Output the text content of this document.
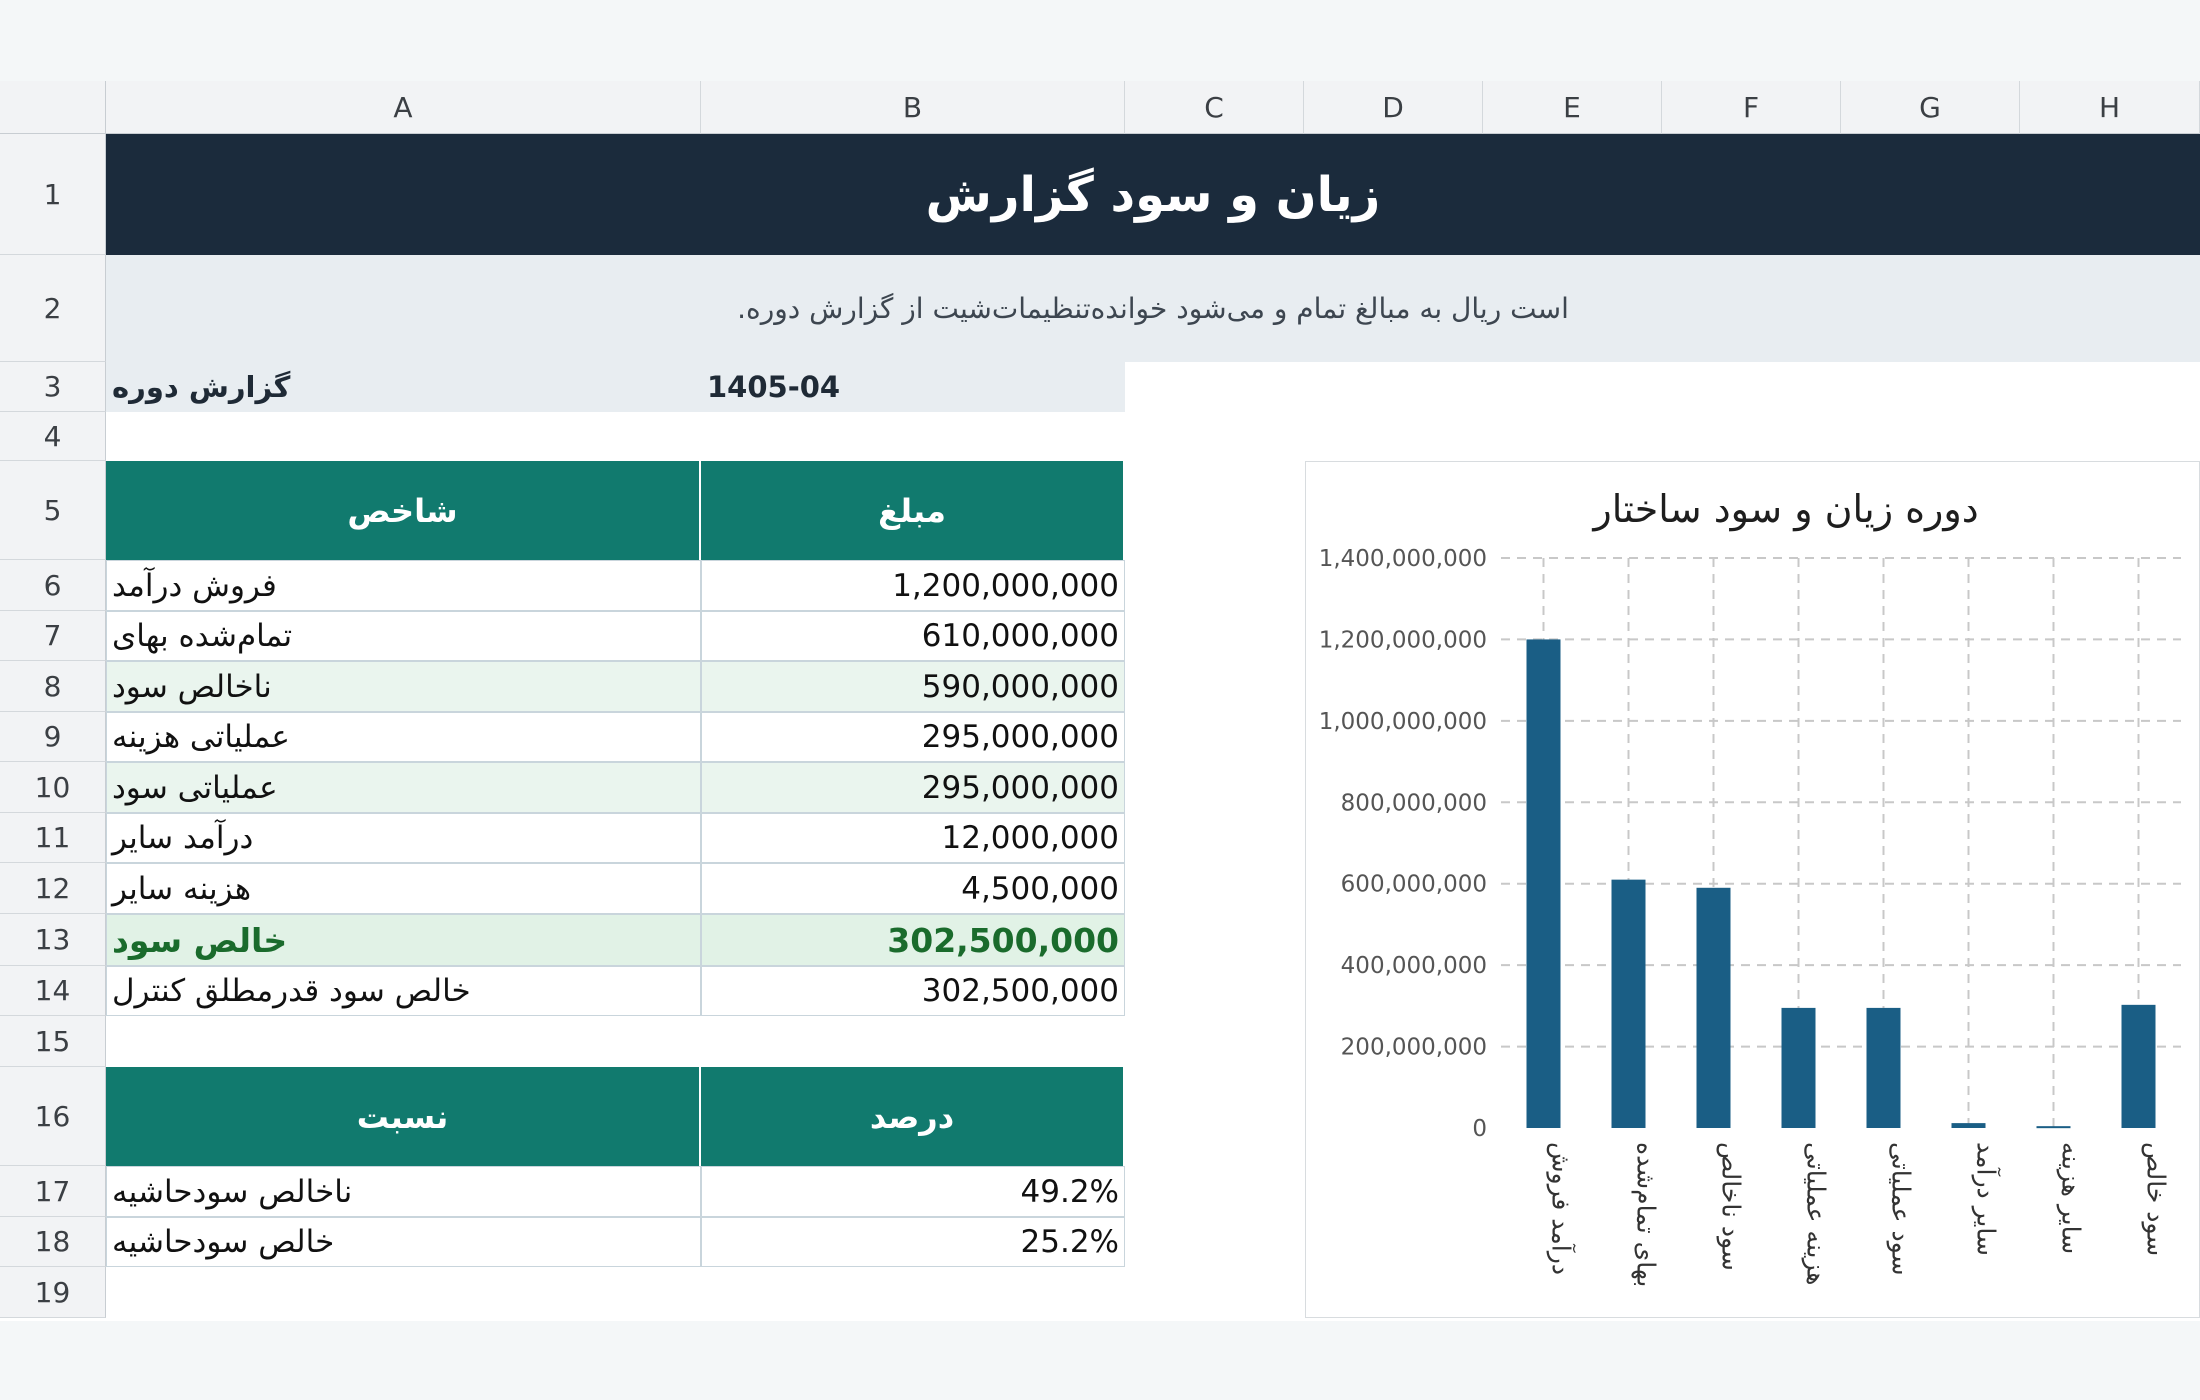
A	B	C	D	E	F	G	H
1
2
3
4
5
6
7
8
9
10
11
12
13
14
15
16
17
18
19
زیان و سود گزارش
.است ریال به مبالغ تمام و می‌شود خوانده‌تنظیمات‌شیت از گزارش دوره
گزارش دوره	1405-04
شاخص	مبلغ
فروش درآمد	1,200,000,000
تمام‌شده بهای	610,000,000
ناخالص سود	590,000,000
عملیاتی هزینه	295,000,000
عملیاتی سود	295,000,000
درآمد سایر	12,000,000
هزینه سایر	4,500,000
خالص سود	302,500,000
خالص سود قدرمطلق کنترل	302,500,000
نسبت	درصد
ناخالص سودحاشیه	49.2%
خالص سودحاشیه	25.2%
دوره زیان و سود ساختار
0
200,000,000
400,000,000
600,000,000
800,000,000
1,000,000,000
1,200,000,000
1,400,000,000
درآمد فروش بهای تمام‌شده سود ناخالص هزینه عملیاتی سود عملیاتی سایر درآمد سایر هزینه سود خالص
